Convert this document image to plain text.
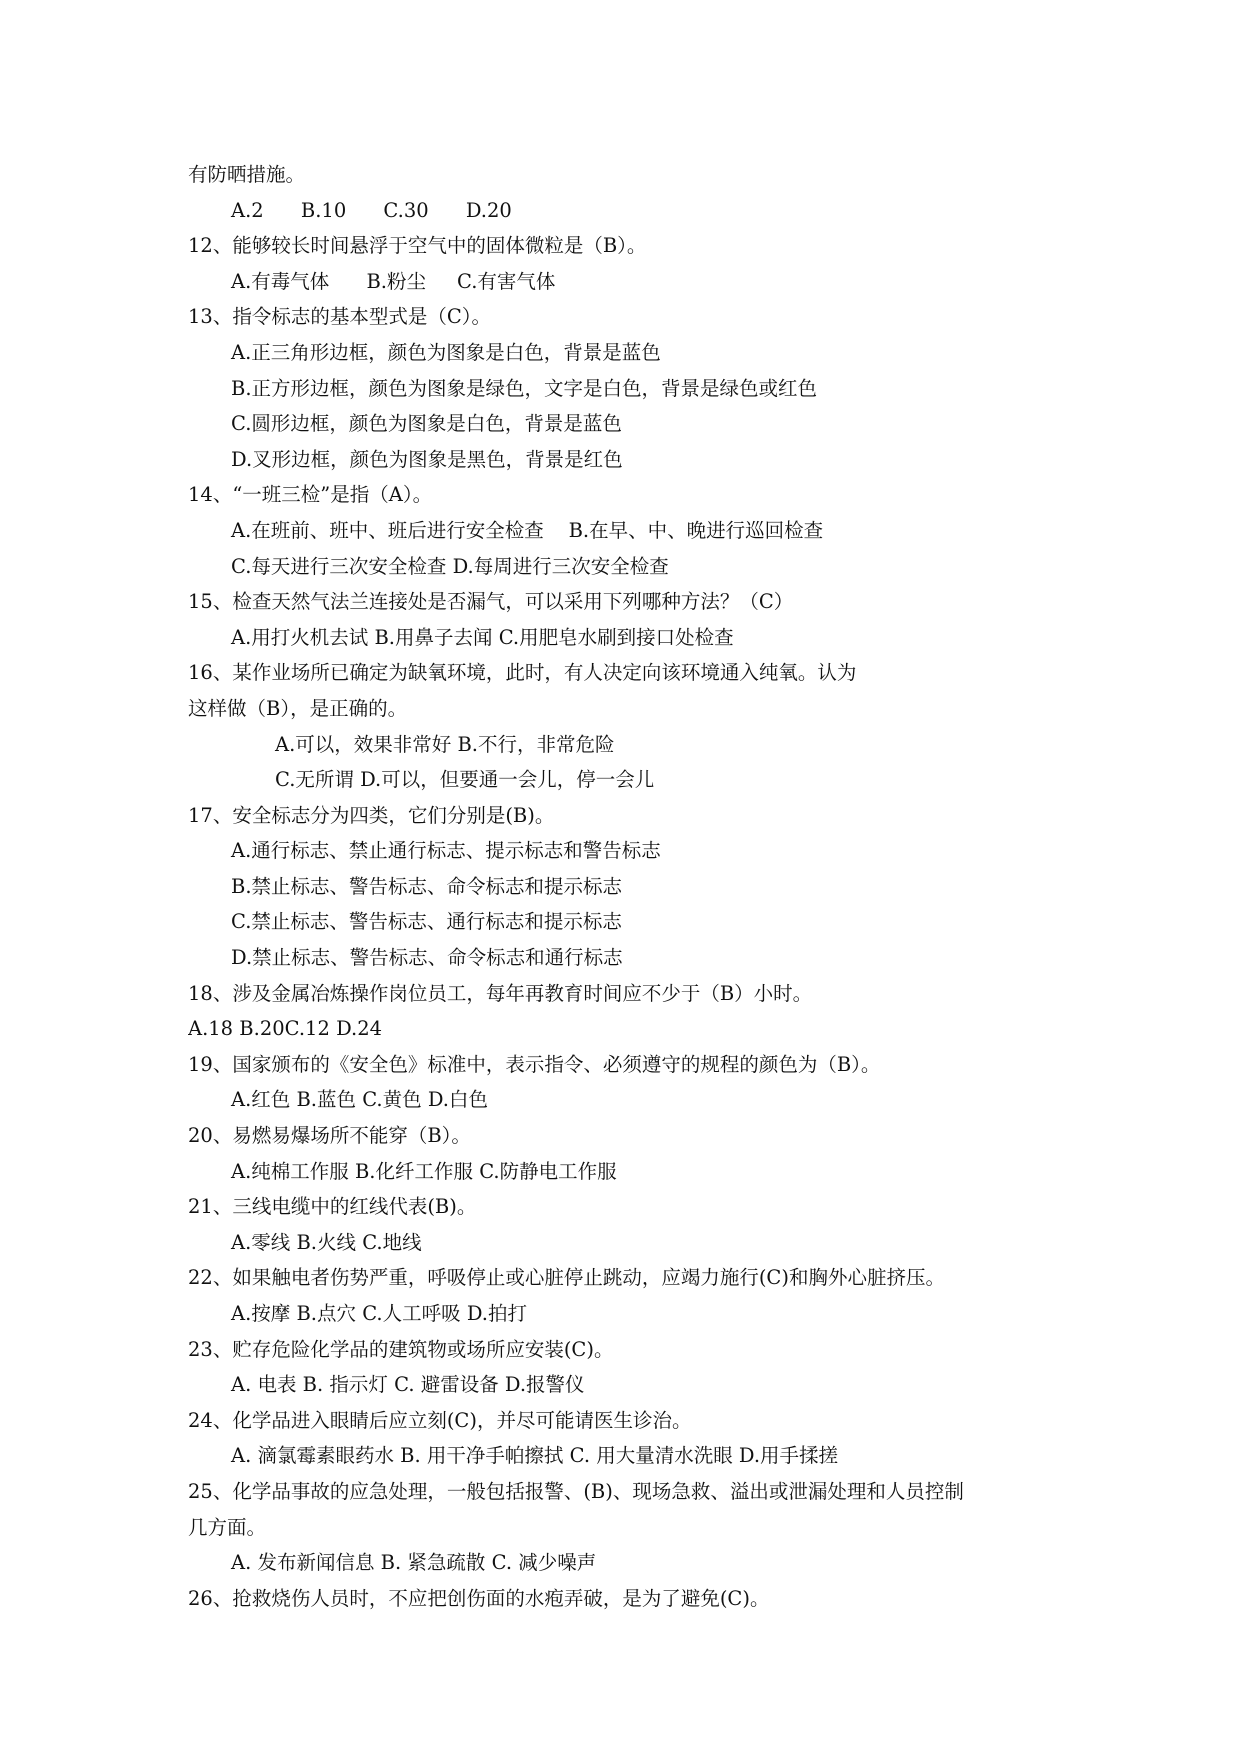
有防晒措施。
A.2      B.10      C.30      D.20
12、能够较长时间悬浮于空气中的固体微粒是（B）。
A.有毒气体      B.粉尘     C.有害气体
13、指令标志的基本型式是（C）。
A.正三角形边框，颜色为图象是白色，背景是蓝色
B.正方形边框，颜色为图象是绿色，文字是白色，背景是绿色或红色
C.圆形边框，颜色为图象是白色，背景是蓝色
D.叉形边框，颜色为图象是黑色，背景是红色
14、“一班三检”是指（A）。
A.在班前、班中、班后进行安全检查    B.在早、中、晚进行巡回检查
C.每天进行三次安全检查 D.每周进行三次安全检查
15、检查天然气法兰连接处是否漏气，可以采用下列哪种方法？（C）
A.用打火机去试 B.用鼻子去闻 C.用肥皂水刷到接口处检查
16、某作业场所已确定为缺氧环境，此时，有人决定向该环境通入纯氧。认为
这样做（B），是正确的。
A.可以，效果非常好 B.不行，非常危险
C.无所谓 D.可以，但要通一会儿，停一会儿
17、安全标志分为四类，它们分别是(B)。
A.通行标志、禁止通行标志、提示标志和警告标志
B.禁止标志、警告标志、命令标志和提示标志
C.禁止标志、警告标志、通行标志和提示标志
D.禁止标志、警告标志、命令标志和通行标志
18、涉及金属冶炼操作岗位员工，每年再教育时间应不少于（B）小时。
A.18 B.20C.12 D.24
19、国家颁布的《安全色》标准中，表示指令、必须遵守的规程的颜色为（B）。
A.红色 B.蓝色 C.黄色 D.白色
20、易燃易爆场所不能穿（B）。
A.纯棉工作服 B.化纤工作服 C.防静电工作服
21、三线电缆中的红线代表(B)。
A.零线 B.火线 C.地线
22、如果触电者伤势严重，呼吸停止或心脏停止跳动，应竭力施行(C)和胸外心脏挤压。
A.按摩 B.点穴 C.人工呼吸 D.拍打
23、贮存危险化学品的建筑物或场所应安装(C)。
A. 电表 B. 指示灯 C. 避雷设备 D.报警仪
24、化学品进入眼睛后应立刻(C)，并尽可能请医生诊治。
A. 滴氯霉素眼药水 B. 用干净手帕擦拭 C. 用大量清水洗眼 D.用手揉搓
25、化学品事故的应急处理，一般包括报警、(B)、现场急救、溢出或泄漏处理和人员控制
几方面。
A. 发布新闻信息 B. 紧急疏散 C. 减少噪声
26、抢救烧伤人员时，不应把创伤面的水疱弄破，是为了避免(C)。
